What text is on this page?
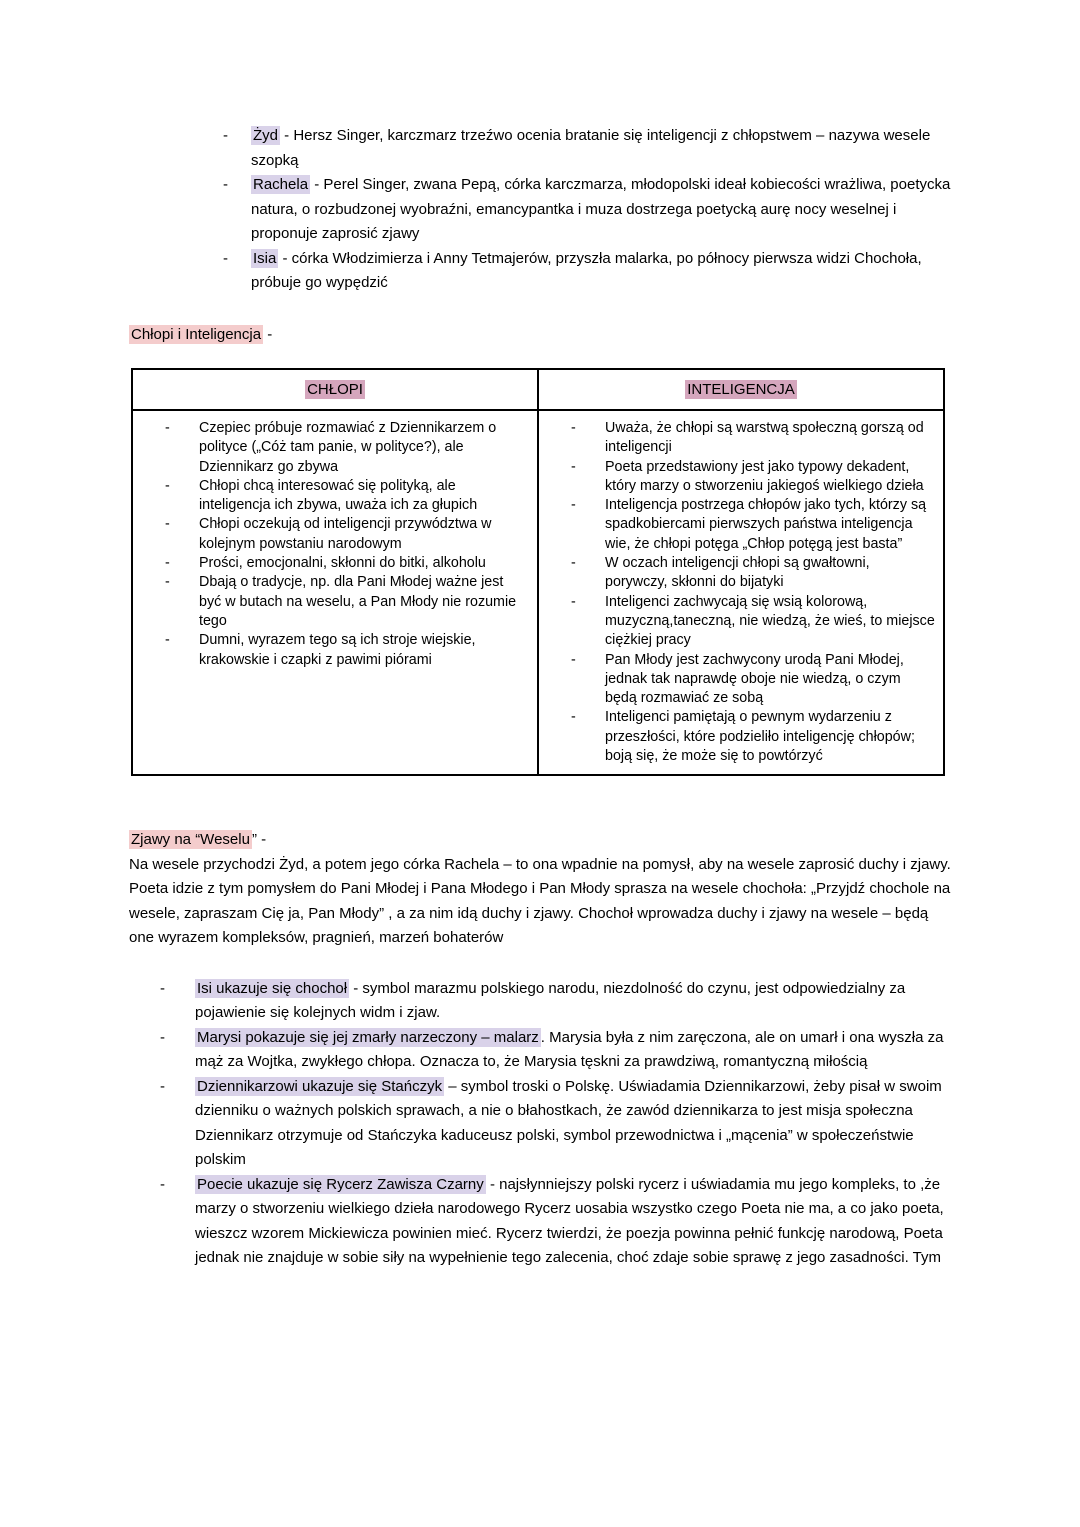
- Żyd - Hersz Singer, karczmarz trzeźwo ocenia bratanie się inteligencji z chłopstwem – nazywa wesele szopką
- Rachela - Perel Singer, zwana Pepą, córka karczmarza, młodopolski ideał kobiecości wrażliwa, poetycka natura, o rozbudzonej wyobraźni, emancypantka i muza dostrzega poetycką aurę nocy weselnej i proponuje zaprosić zjawy
- Isia - córka Włodzimierza i Anny Tetmajerów, przyszła malarka, po północy pierwsza widzi Chochoła, próbuje go wypędzić
Chłopi i Inteligencja -
CHŁOPI	INTELIGENCJA

- Czepiec próbuje rozmawiać z Dziennikarzem o polityce („Cóż tam panie, w polityce?), ale Dziennikarz go zbywa
- Chłopi chcą interesować się polityką, ale inteligencja ich zbywa, uważa ich za głupich
- Chłopi oczekują od inteligencji przywództwa w kolejnym powstaniu narodowym
- Prości, emocjonalni, skłonni do bitki, alkoholu
- Dbają o tradycje, np. dla Pani Młodej ważne jest być w butach na weselu, a Pan Młody nie rozumie tego
- Dumni, wyrazem tego są ich stroje wiejskie, krakowskie i czapki z pawimi piórami

- Uważa, że chłopi są warstwą społeczną gorszą od inteligencji
- Poeta przedstawiony jest jako typowy dekadent, który marzy o stworzeniu jakiegoś wielkiego dzieła
- Inteligencja postrzega chłopów jako tych, którzy są spadkobiercami pierwszych państwa inteligencja wie, że chłopi potęga „Chłop potęgą jest basta”
- W oczach inteligencji chłopi są gwałtowni, porywczy, skłonni do bijatyki
- Inteligenci zachwycają się wsią kolorową, muzyczną,taneczną, nie wiedzą, że wieś, to miejsce ciężkiej pracy
- Pan Młody jest zachwycony urodą Pani Młodej, jednak tak naprawdę oboje nie wiedzą, o czym będą rozmawiać ze sobą
- Inteligenci pamiętają o pewnym wydarzeniu z przeszłości, które podzieliło inteligencję chłopów; boją się, że może się to powtórzyć
Zjawy na “Weselu ” -

Na wesele przychodzi Żyd, a potem jego córka Rachela – to ona wpadnie na pomysł, aby na wesele zaprosić duchy i zjawy. Poeta idzie z tym pomysłem do Pani Młodej i Pana Młodego i Pan Młody sprasza na wesele chochoła: „Przyjdź chochole na wesele, zapraszam Cię ja, Pan Młody” , a za nim idą duchy i zjawy. Chochoł wprowadza duchy i zjawy na wesele – będą one wyrazem kompleksów, pragnień, marzeń bohaterów

- Isi ukazuje się chochoł - symbol marazmu polskiego narodu, niezdolność do czynu, jest odpowiedzialny za pojawienie się kolejnych widm i zjaw.
- Marysi pokazuje się jej zmarły narzeczony – malarz . Marysia była z nim zaręczona, ale on umarł i ona wyszła za mąż za Wojtka, zwykłego chłopa. Oznacza to, że Marysia tęskni za prawdziwą, romantyczną miłością
- Dziennikarzowi ukazuje się Stańczyk – symbol troski o Polskę. Uświadamia Dziennikarzowi, żeby pisał w swoim dzienniku o ważnych polskich sprawach, a nie o błahostkach, że zawód dziennikarza to jest misja społeczna Dziennikarz otrzymuje od Stańczyka kaduceusz polski, symbol przewodnictwa i „mącenia” w społeczeństwie polskim
- Poecie ukazuje się Rycerz Zawisza Czarny - najsłynniejszy polski rycerz i uświadamia mu jego kompleks, to ,że marzy o stworzeniu wielkiego dzieła narodowego Rycerz uosabia wszystko czego Poeta nie ma, a co jako poeta, wieszcz wzorem Mickiewicza powinien mieć. Rycerz twierdzi, że poezja powinna pełnić funkcję narodową, Poeta jednak nie znajduje w sobie siły na wypełnienie tego zalecenia, choć zdaje sobie sprawę z jego zasadności. Tym
